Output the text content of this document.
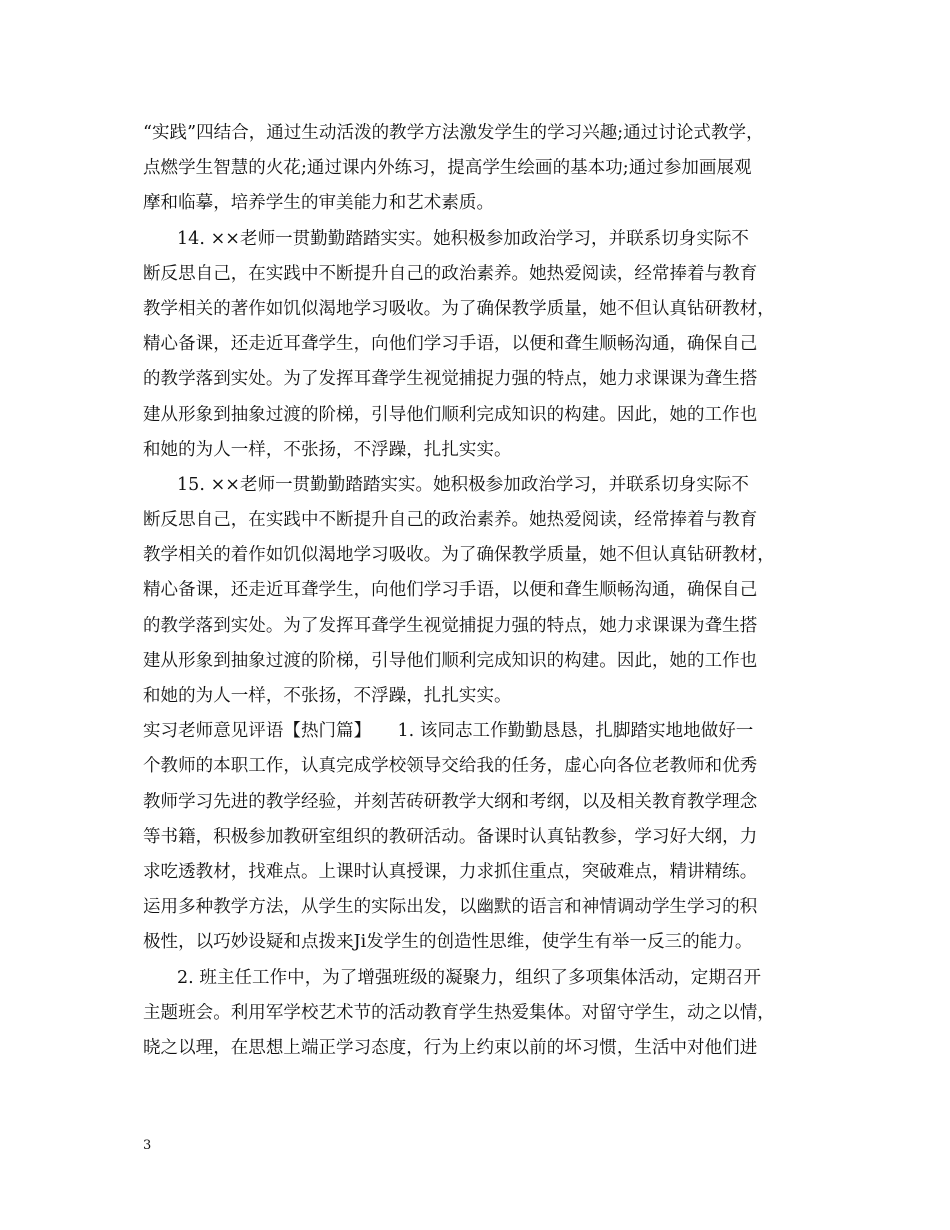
“实践”四结合，通过生动活泼的教学方法激发学生的学习兴趣;通过讨论式教学，
点燃学生智慧的火花;通过课内外练习，提高学生绘画的基本功;通过参加画展观
摩和临摹，培养学生的审美能力和艺术素质。
14. ××老师一贯勤勤踏踏实实。她积极参加政治学习，并联系切身实际不
断反思自己，在实践中不断提升自己的政治素养。她热爱阅读，经常捧着与教育
教学相关的著作如饥似渴地学习吸收。为了确保教学质量，她不但认真钻研教材，
精心备课，还走近耳聋学生，向他们学习手语，以便和聋生顺畅沟通，确保自己
的教学落到实处。为了发挥耳聋学生视觉捕捉力强的特点，她力求课课为聋生搭
建从形象到抽象过渡的阶梯，引导他们顺利完成知识的构建。因此，她的工作也
和她的为人一样，不张扬，不浮躁，扎扎实实。
15. ××老师一贯勤勤踏踏实实。她积极参加政治学习，并联系切身实际不
断反思自己，在实践中不断提升自己的政治素养。她热爱阅读，经常捧着与教育
教学相关的着作如饥似渴地学习吸收。为了确保教学质量，她不但认真钻研教材，
精心备课，还走近耳聋学生，向他们学习手语，以便和聋生顺畅沟通，确保自己
的教学落到实处。为了发挥耳聋学生视觉捕捉力强的特点，她力求课课为聋生搭
建从形象到抽象过渡的阶梯，引导他们顺利完成知识的构建。因此，她的工作也
和她的为人一样，不张扬，不浮躁，扎扎实实。
实习老师意见评语【热门篇】　　1. 该同志工作勤勤恳恳，扎脚踏实地地做好一
个教师的本职工作，认真完成学校领导交给我的任务，虚心向各位老教师和优秀
教师学习先进的教学经验，并刻苦砖研教学大纲和考纲，以及相关教育教学理念
等书籍，积极参加教研室组织的教研活动。备课时认真钻教参，学习好大纲，力
求吃透教材，找难点。上课时认真授课，力求抓住重点，突破难点，精讲精练。
运用多种教学方法，从学生的实际出发，以幽默的语言和神情调动学生学习的积
极性，以巧妙设疑和点拨来Ji发学生的创造性思维，使学生有举一反三的能力。
2. 班主任工作中，为了增强班级的凝聚力，组织了多项集体活动，定期召开
主题班会。利用军学校艺术节的活动教育学生热爱集体。对留守学生，动之以情，
晓之以理，在思想上端正学习态度，行为上约束以前的坏习惯，生活中对他们进
3
